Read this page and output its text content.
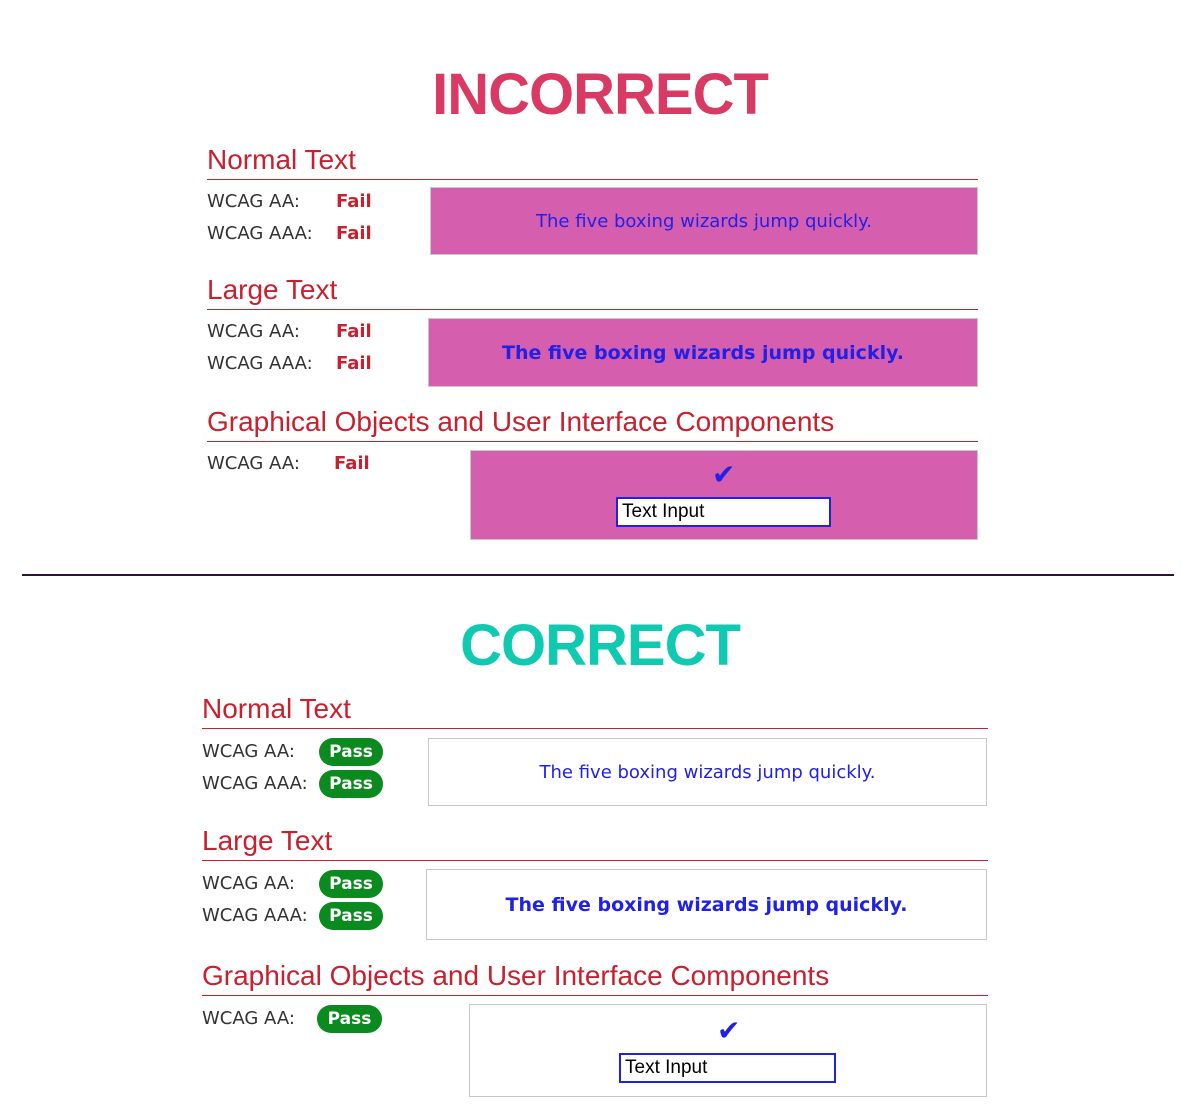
INCORRECT
Normal Text
WCAG AA: Fail
WCAG AAA: Fail
The five boxing wizards jump quickly.
Large Text
WCAG AA: Fail
WCAG AAA: Fail	The five boxing wizards jump quickly.
Graphical Objects and User Interface Components
WCAG AA: Fail	✔
Text Input
CORRECT
Normal Text
WCAG AA:	Pass
WCAG AAA:	Pass
The five boxing wizards jump quickly.
Large Text
WCAG AA:	Pass
WCAG AAA:	Pass
The five boxing wizards jump quickly.
Graphical Objects and User Interface Components
WCAG AA:	Pass	✔
Text Input
